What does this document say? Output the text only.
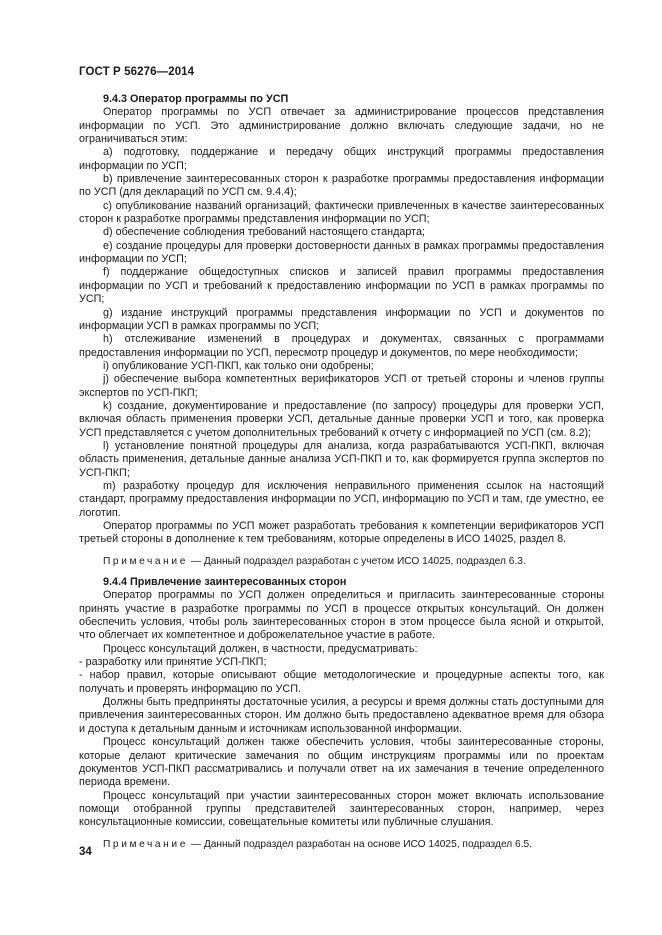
ГОСТ Р 56276—2014

9.4.3 Оператор программы по УСП

Оператор программы по УСП отвечает за администрирование процессов представления информации по УСП. Это администрирование должно включать следующие задачи, но не ограничиваться этим:

a) подготовку, поддержание и передачу общих инструкций программы предоставления информации по УСП;

b) привлечение заинтересованных сторон к разработке программы предоставления информации по УСП (для деклараций по УСП см. 9.4.4);

c) опубликование названий организаций, фактически привлеченных в качестве заинтересованных сторон к разработке программы представления информации по УСП;

d) обеспечение соблюдения требований настоящего стандарта;

e) создание процедуры для проверки достоверности данных в рамках программы предоставления информации по УСП;

f) поддержание общедоступных списков и записей правил программы предоставления информации по УСП и требований к предоставлению информации по УСП в рамках программы по УСП;

g) издание инструкций программы представления информации по УСП и документов по информации УСП в рамках программы по УСП;

h) отслеживание изменений в процедурах и документах, связанных с программами предоставления информации по УСП, пересмотр процедур и документов, по мере необходимости;

i) опубликование УСП-ПКП, как только они одобрены;

j) обеспечение выбора компетентных верификаторов УСП от третьей стороны и членов группы экспертов по УСП-ПКП;

k) создание, документирование и предоставление (по запросу) процедуры для проверки УСП, включая область применения проверки УСП, детальные данные проверки УСП и того, как проверка УСП представляется с учетом дополнительных требований к отчету с информацией по УСП (см. 8.2);

l) установление понятной процедуры для анализа, когда разрабатываются УСП-ПКП, включая область применения, детальные данные анализа УСП-ПКП и то, как формируется группа экспертов по УСП-ПКП;

m) разработку процедур для исключения неправильного применения ссылок на настоящий стандарт, программу предоставления информации по УСП, информацию по УСП и там, где уместно, ее логотип.

Оператор программы по УСП может разработать требования к компетенции верификаторов УСП третьей стороны в дополнение к тем требованиям, которые определены в ИСО 14025, раздел 8.

Примечание — Данный подраздел разработан с учетом ИСО 14025, подраздел 6.3.

9.4.4 Привлечение заинтересованных сторон

Оператор программы по УСП должен определиться и пригласить заинтересованные стороны принять участие в разработке программы по УСП в процессе открытых консультаций. Он должен обеспечить условия, чтобы роль заинтересованных сторон в этом процессе была ясной и открытой, что облегчает их компетентное и доброжелательное участие в работе.

Процесс консультаций должен, в частности, предусматривать:

- разработку или принятие УСП-ПКП;

- набор правил, которые описывают общие методологические и процедурные аспекты того, как получать и проверять информацию по УСП.

Должны быть предприняты достаточные усилия, а ресурсы и время должны стать доступными для привлечения заинтересованных сторон. Им должно быть предоставлено адекватное время для обзора и доступа к детальным данным и источникам использованной информации.

Процесс консультаций должен также обеспечить условия, чтобы заинтересованные стороны, которые делают критические замечания по общим инструкциям программы или по проектам документов УСП-ПКП рассматривались и получали ответ на их замечания в течение определенного периода времени.

Процесс консультаций при участии заинтересованных сторон может включать использование помощи отобранной группы представителей заинтересованных сторон, например, через консультационные комиссии, совещательные комитеты или публичные слушания.

Примечание — Данный подраздел разработан на основе ИСО 14025, подраздел 6.5.

34
